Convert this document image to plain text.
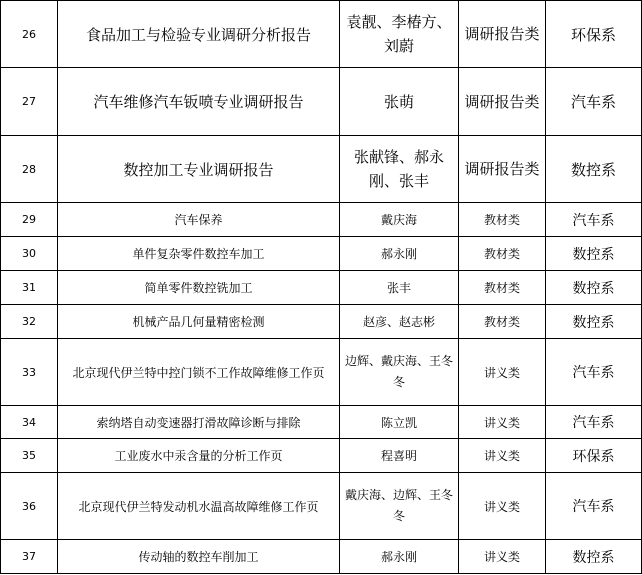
26	食品加工与检验专业调研分析报告	袁靓、李椿方、刘蔚	调研报告类	环保系
27	汽车维修汽车钣喷专业调研报告	张萌	调研报告类	汽车系
28	数控加工专业调研报告	张献锋、郝永刚、张丰	调研报告类	数控系
29	汽车保养	戴庆海	教材类	汽车系
30	单件复杂零件数控车加工	郝永刚	教材类	数控系
31	简单零件数控铣加工	张丰	教材类	数控系
32	机械产品几何量精密检测	赵彦、赵志彬	教材类	数控系
33	北京现代伊兰特中控门锁不工作故障维修工作页	边辉、戴庆海、王冬冬	讲义类	汽车系
34	索纳塔自动变速器打滑故障诊断与排除	陈立凯	讲义类	汽车系
35	工业废水中汞含量的分析工作页	程喜明	讲义类	环保系
36	北京现代伊兰特发动机水温高故障维修工作页	戴庆海、边辉、王冬冬	讲义类	汽车系
37	传动轴的数控车削加工	郝永刚	讲义类	数控系
